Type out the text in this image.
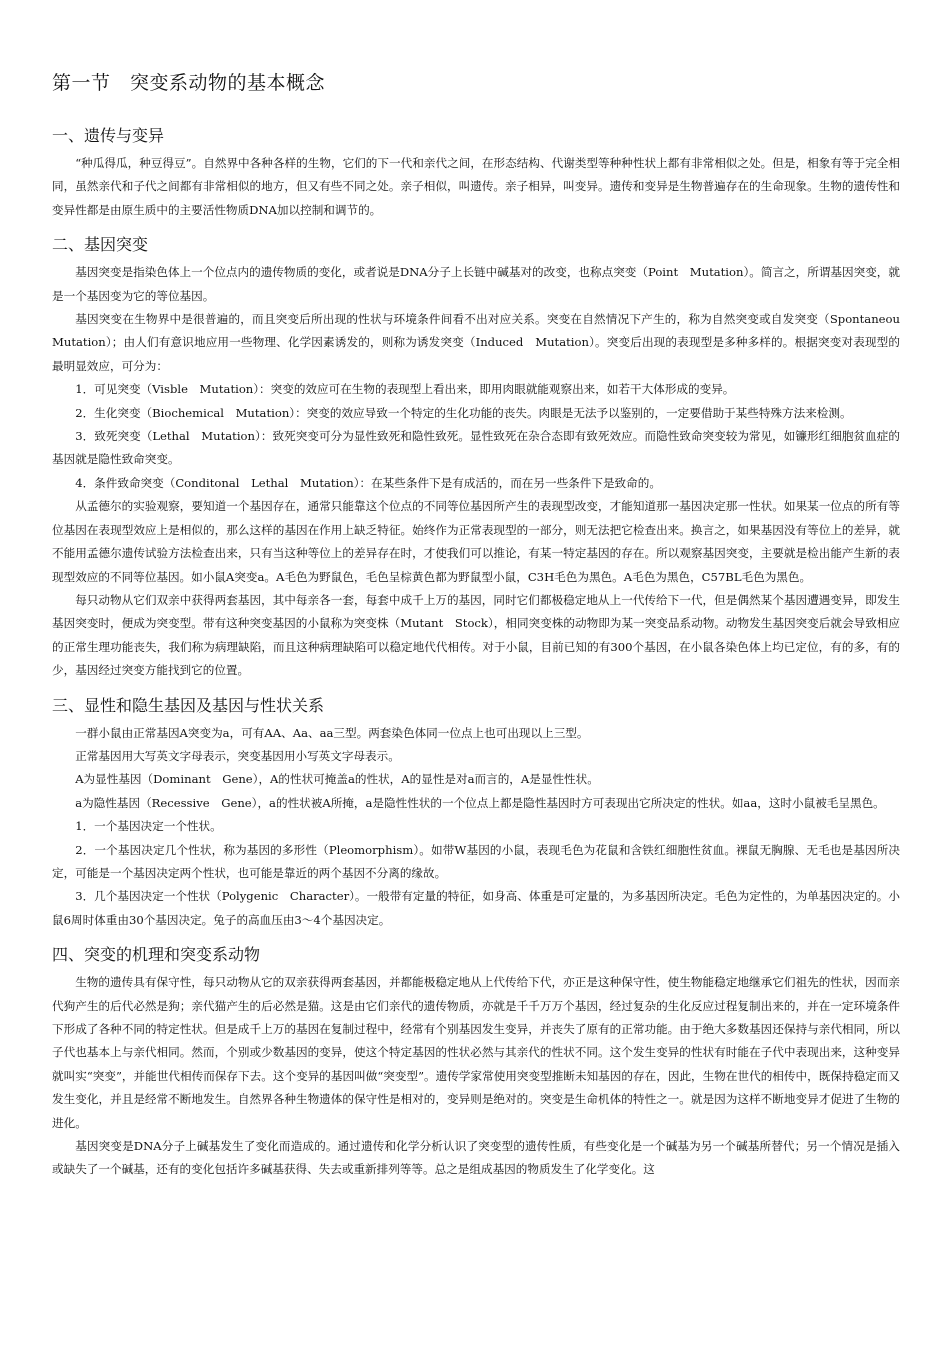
第一节　突变系动物的基本概念
一、遗传与变异

“种瓜得瓜，种豆得豆”。自然界中各种各样的生物，它们的下一代和亲代之间，在形态结构、代谢类型等种种性状上都有非常相似之处。但是，相象有等于完全相同，虽然亲代和子代之间都有非常相似的地方，但又有些不同之处。亲子相似，叫遗传。亲子相异，叫变异。遗传和变异是生物普遍存在的生命现象。生物的遗传性和变异性都是由原生质中的主要活性物质DNA加以控制和调节的。

二、基因突变

基因突变是指染色体上一个位点内的遗传物质的变化，或者说是DNA分子上长链中碱基对的改变，也称点突变（Point　Mutation）。简言之，所谓基因突变，就是一个基因变为它的等位基因。

基因突变在生物界中是很普遍的，而且突变后所出现的性状与环境条件间看不出对应关系。突变在自然情况下产生的，称为自然突变或自发突变（Spontaneou　Mutation）；由人们有意识地应用一些物理、化学因素诱发的，则称为诱发突变（Induced　Mutation）。突变后出现的表现型是多种多样的。根据突变对表现型的最明显效应，可分为：

1．可见突变（Visble　Mutation）：突变的效应可在生物的表现型上看出来，即用肉眼就能观察出来，如若干大体形成的变异。

2．生化突变（Biochemical　Mutation）：突变的效应导致一个特定的生化功能的丧失。肉眼是无法予以鉴别的，一定要借助于某些特殊方法来检测。

3．致死突变（Lethal　Mutation）：致死突变可分为显性致死和隐性致死。显性致死在杂合态即有致死效应。而隐性致命突变较为常见，如镰形红细胞贫血症的基因就是隐性致命突变。

4．条件致命突变（Conditonal　Lethal　Mutation）：在某些条件下是有成活的，而在另一些条件下是致命的。

从孟德尔的实验观察，要知道一个基因存在，通常只能靠这个位点的不同等位基因所产生的表现型改变，才能知道那一基因决定那一性状。如果某一位点的所有等位基因在表现型效应上是相似的，那么这样的基因在作用上缺乏特征。始终作为正常表现型的一部分，则无法把它检查出来。换言之，如果基因没有等位上的差异，就不能用孟德尔遗传试验方法检查出来，只有当这种等位上的差异存在时，才使我们可以推论，有某一特定基因的存在。所以观察基因突变，主要就是检出能产生新的表现型效应的不同等位基因。如小鼠A突变a。A毛色为野鼠色，毛色呈棕黄色都为野鼠型小鼠，C3H毛色为黑色。A毛色为黑色，C57BL毛色为黑色。

每只动物从它们双亲中获得两套基因，其中每亲各一套，每套中成千上万的基因，同时它们都极稳定地从上一代传给下一代，但是偶然某个基因遭遇变异，即发生基因突变时，便成为突变型。带有这种突变基因的小鼠称为突变株（Mutant　Stock），相同突变株的动物即为某一突变品系动物。动物发生基因突变后就会导致相应的正常生理功能丧失，我们称为病理缺陷，而且这种病理缺陷可以稳定地代代相传。对于小鼠，目前已知的有300个基因，在小鼠各染色体上均已定位，有的多，有的少，基因经过突变方能找到它的位置。

三、显性和隐生基因及基因与性状关系

一群小鼠由正常基因A突变为a，可有AA、Aa、aa三型。两套染色体同一位点上也可出现以上三型。

正常基因用大写英文字母表示，突变基因用小写英文字母表示。

A为显性基因（Dominant　Gene），A的性状可掩盖a的性状，A的显性是对a而言的，A是显性性状。

a为隐性基因（Recessive　Gene），a的性状被A所掩，a是隐性性状的一个位点上都是隐性基因时方可表现出它所决定的性状。如aa，这时小鼠被毛呈黑色。

1．一个基因决定一个性状。

2．一个基因决定几个性状，称为基因的多形性（Pleomorphism）。如带W基因的小鼠，表现毛色为花鼠和含铁红细胞性贫血。裸鼠无胸腺、无毛也是基因所决定，可能是一个基因决定两个性状，也可能是靠近的两个基因不分离的缘故。

3．几个基因决定一个性状（Polygenic　Character）。一般带有定量的特征，如身高、体重是可定量的，为多基因所决定。毛色为定性的，为单基因决定的。小鼠6周时体重由30个基因决定。兔子的高血压由3～4个基因决定。

四、突变的机理和突变系动物

生物的遗传具有保守性，每只动物从它的双亲获得两套基因，并都能极稳定地从上代传给下代，亦正是这种保守性，使生物能稳定地继承它们祖先的性状，因而亲代狗产生的后代必然是狗；亲代猫产生的后必然是猫。这是由它们亲代的遗传物质，亦就是千千万万个基因，经过复杂的生化反应过程复制出来的，并在一定环境条件下形成了各种不同的特定性状。但是成千上万的基因在复制过程中，经常有个别基因发生变异，并丧失了原有的正常功能。由于绝大多数基因还保持与亲代相同，所以子代也基本上与亲代相同。然而，个别或少数基因的变异，使这个特定基因的性状必然与其亲代的性状不同。这个发生变异的性状有时能在子代中表现出来，这种变异就叫实“突变”，并能世代相传而保存下去。这个变异的基因叫做“突变型”。遗传学家常使用突变型推断未知基因的存在，因此，生物在世代的相传中，既保持稳定而又发生变化，并且是经常不断地发生。自然界各种生物遗体的保守性是相对的，变异则是绝对的。突变是生命机体的特性之一。就是因为这样不断地变异才促进了生物的进化。

基因突变是DNA分子上碱基发生了变化而造成的。通过遗传和化学分析认识了突变型的遗传性质，有些变化是一个碱基为另一个碱基所替代；另一个情况是插入或缺失了一个碱基，还有的变化包括许多碱基获得、失去或重新排列等等。总之是组成基因的物质发生了化学变化。这
